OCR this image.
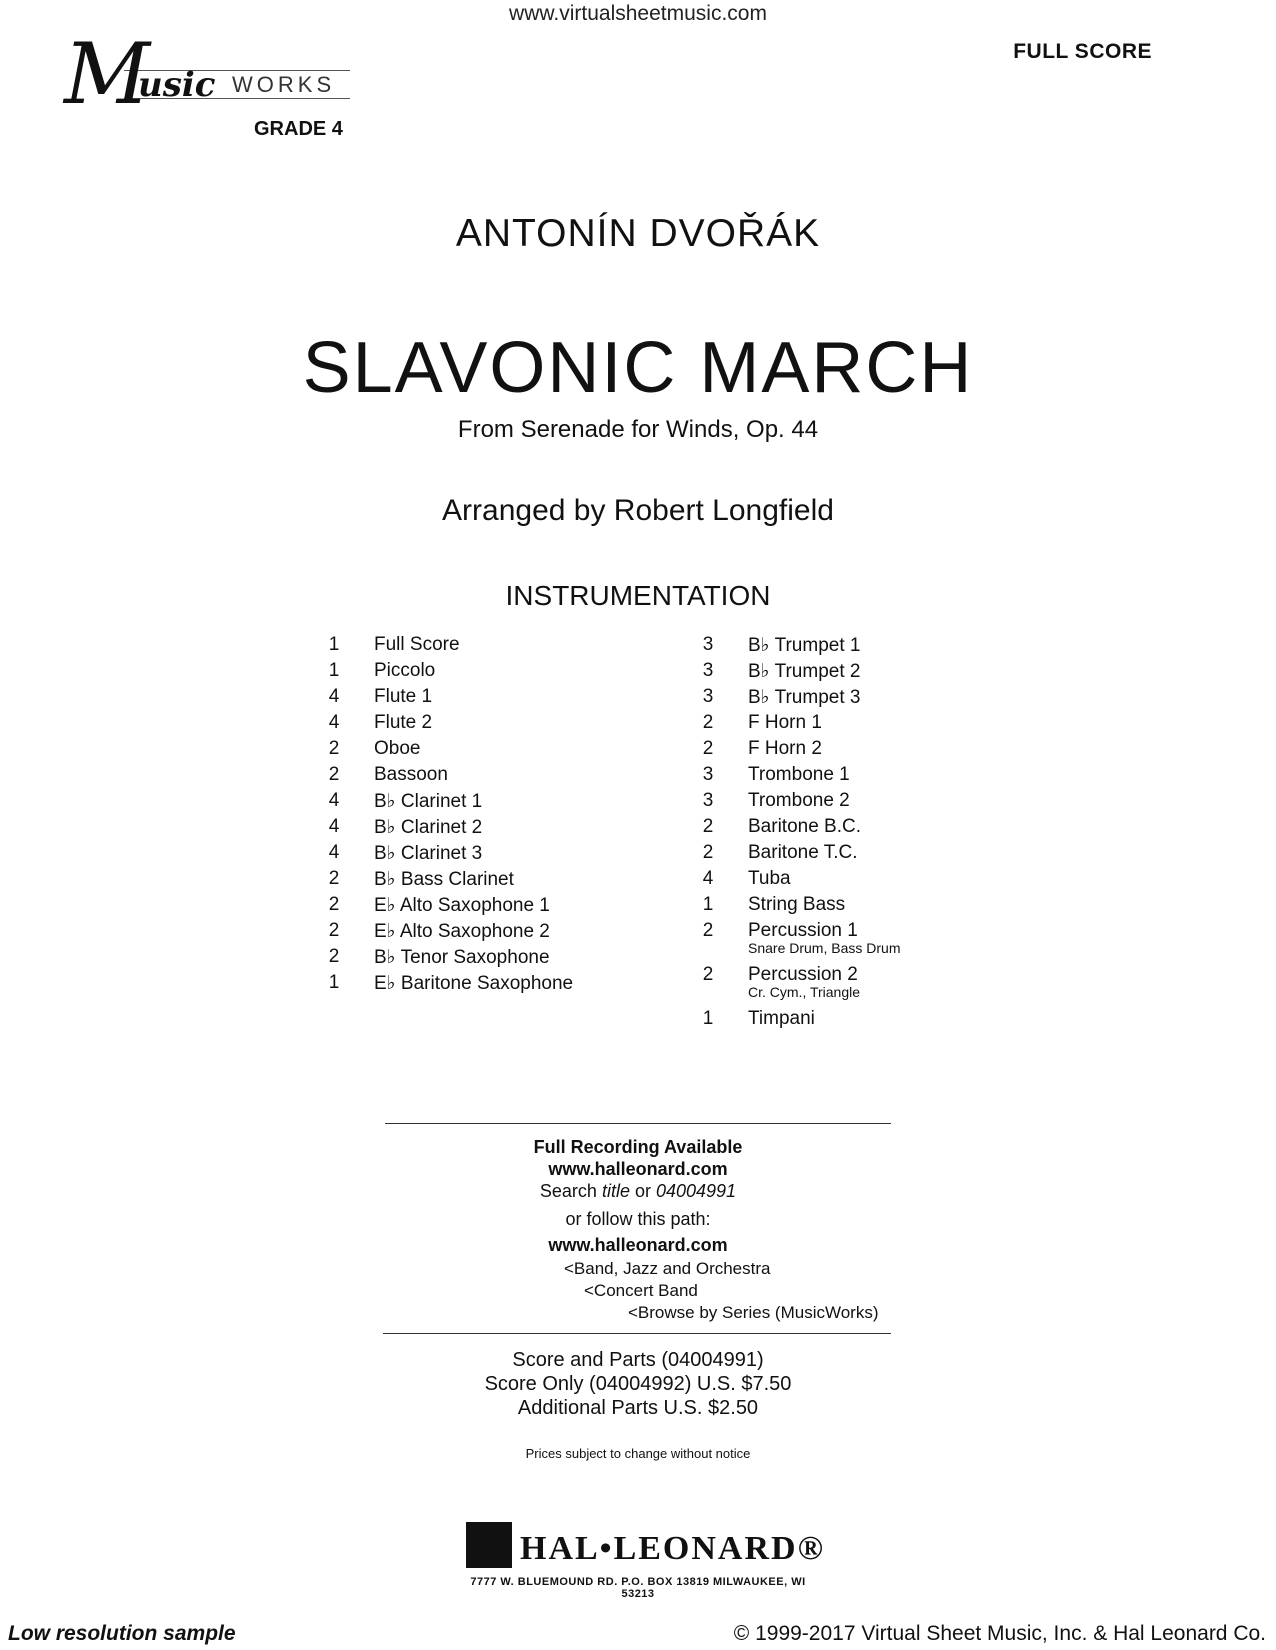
www.virtualsheetmusic.com
M
usic WORKS
GRADE 4
FULL SCORE
ANTONÍN DVOŘÁK
SLAVONIC MARCH
From Serenade for Winds, Op. 44
Arranged by Robert Longfield
INSTRUMENTATION
1	Full Score
1	Piccolo
4	Flute 1
4	Flute 2
2	Oboe
2	Bassoon
4	B♭ Clarinet 1
4	B♭ Clarinet 2
4	B♭ Clarinet 3
2	B♭ Bass Clarinet
2	E♭ Alto Saxophone 1
2	E♭ Alto Saxophone 2
2	B♭ Tenor Saxophone
1	E♭ Baritone Saxophone
3	B♭ Trumpet 1
3	B♭ Trumpet 2
3	B♭ Trumpet 3
2	F Horn 1
2	F Horn 2
3	Trombone 1
3	Trombone 2
2	Baritone B.C.
2	Baritone T.C.
4	Tuba
1	String Bass
2	Percussion 1
Snare Drum, Bass Drum
2	Percussion 2
Cr. Cym., Triangle
1	Timpani
Full Recording Available
www.halleonard.com
Search title or 04004991
or follow this path:
www.halleonard.com
<Band, Jazz and Orchestra
<Concert Band
<Browse by Series (MusicWorks)
Score and Parts (04004991)
Score Only (04004992) U.S. $7.50
Additional Parts U.S. $2.50
Prices subject to change without notice
HAL•LEONARD®
7777 W. BLUEMOUND RD. P.O. BOX 13819 MILWAUKEE, WI 53213
Low resolution sample	© 1999-2017 Virtual Sheet Music, Inc. & Hal Leonard Co.
